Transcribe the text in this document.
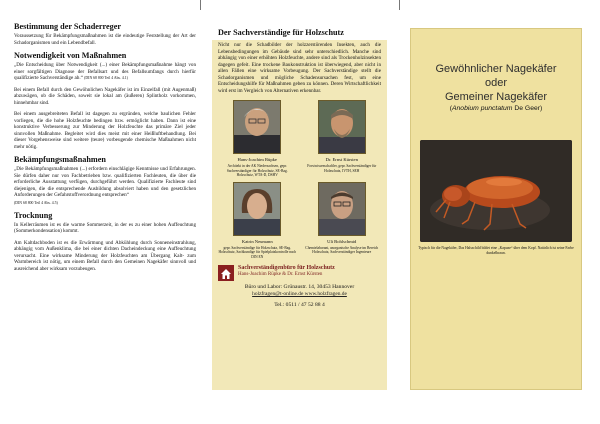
Bestimmung der Schaderreger

Voraussetzung für Bekämpfungsmaßnahmen ist die eindeutige Feststellung der Art der Schadorganismen und ein Lebendbefall.

Notwendigkeit von Maßnahmen

„Die Entscheidung über Notwendigkeit (...) einer Bekämpfungsmaßnahme hängt von einer sorgfältigen Diagnose der Befallsart und des Befallsumfangs durch hierfür qualifizierte Sachverständige ab.“ (DIN 68 800 Teil 4 Abs. 4.1)

Bei einem Befall durch den Gewöhnlichen Nagekäfer ist im Einzelfall (mit Augenmaß) abzuwägen, ob die Schäden, soweit sie lokal am (äußeren) Splintholz vorkommen, hinnehmbar sind.

Bei einem ausgebreiteten Befall ist dagegen zu ergründen, welche baulichen Fehler vorliegen, die die hohe Holzfeuchte bedingen bzw. ermöglicht haben. Dann ist eine konstruktive Verbesserung zur Minderung der Holzfeuchte das primäre Ziel jeder sinnvollen Maßnahme. Begleitet wird dies meist mit einer Heißluftbehandlung. Bei dieser Vorgehensweise sind weitere (teure) vorbeugende chemische Maßnahmen nicht mehr nötig.

Bekämpfungsmaßnahmen

„Die Bekämpfungsmaßnahmen (...) erfordern einschlägige Kenntnisse und Erfahrungen. Sie dürfen daher nur von Fachbetrieben bzw. qualifizierten Fachleuten, die über die erforderliche Ausstattung verfügen, durchgeführt werden. Qualifizierte Fachleute sind diejenigen, die die entsprechende Ausbildung absolviert haben und den gesetzlichen Anforderungen der Gefahrstoffverordnung entsprechen“

(DIN 68 800 Teil 4 Abs. 4.5)

Trocknung

In Kellerräumen ist es die warme Sommerzeit, in der es zu einer hohen Auffeuchtung (Sommerkondensation) kommt.

Am Kaltdachboden ist es die Erwärmung und Abkühlung durch Sonneneinstrahlung, abhängig vom Außenklima, die bei einer dichten Dacheindeckung eine Auffeuchtung verursacht. Eine wirksame Minderung der Holzfeuchten am Übergang Kalt- zum Warmbereich ist nötig, um einem Befall durch den Gemeinen Nagekäfer sinnvoll und ausreichend aber wirksam vorzubeugen.

Der Sachverständige für Holzschutz

Nicht nur die Schadbilder der holzzerstörenden Insekten, auch die Lebensbedingungen im Gebäude sind sehr unterschiedlich. Manche sind abhängig von einer erhöhten Holzfeuchte, andere sind als Trockenholzinsekten dagegen gefeit. Eine trockene Baukonstruktion ist überwiegend, aber nicht in allen Fällen eine wirksame Vorbeugung. Der Sachverständige stellt die Schadorganismen und mögliche Schadensursachen fest, um eine Entscheidungshilfe für Maßnahmen geben zu können. Deren Wirtschaftlichkeit wird erst im Vergleich von Alternativen erkennbar.

Hans-Joachim Rüpke
Architekt in der AK Niedersachsen, gepr. Sachverständiger für Holzschutz, SE-Bag. Holzschutz, WTA-D, DSHV
Dr. Ernst Kürsten
Forstwissenschaftler, gepr. Sachverständiger für Holzschutz, IVTH, SEH
Katrin Neumann
gepr. Sachverständige für Holzschutz, SE-Bag. Holzschutz, Sachkundige für Spielplatzkontrolle nach DIN EN
Uli Bohlschmid
Chemielaborant, anorganische Analyse im Bereich Holzschutz, Sachverständiger Ingenieure

Sachverständigenbüro für Holzschutz

Hans-Joachim Rüpke & Dr. Ernst Kürsten

Büro und Labor: Grünaustr. 14, 30453 Hannover
holzfragen@t-online.de www.holzfragen.de
Tel.: 0511 / 47 52 88 4
Gewöhnlicher Nagekäfer
oder
Gemeiner Nagekäfer
(Anobium punctatum De Geer)
Typisch für die Nagekäfer, Das Halsschild bildet eine „Kapuze“ über dem Kopf. Natürlich ist seine Farbe dunkelbraun.
